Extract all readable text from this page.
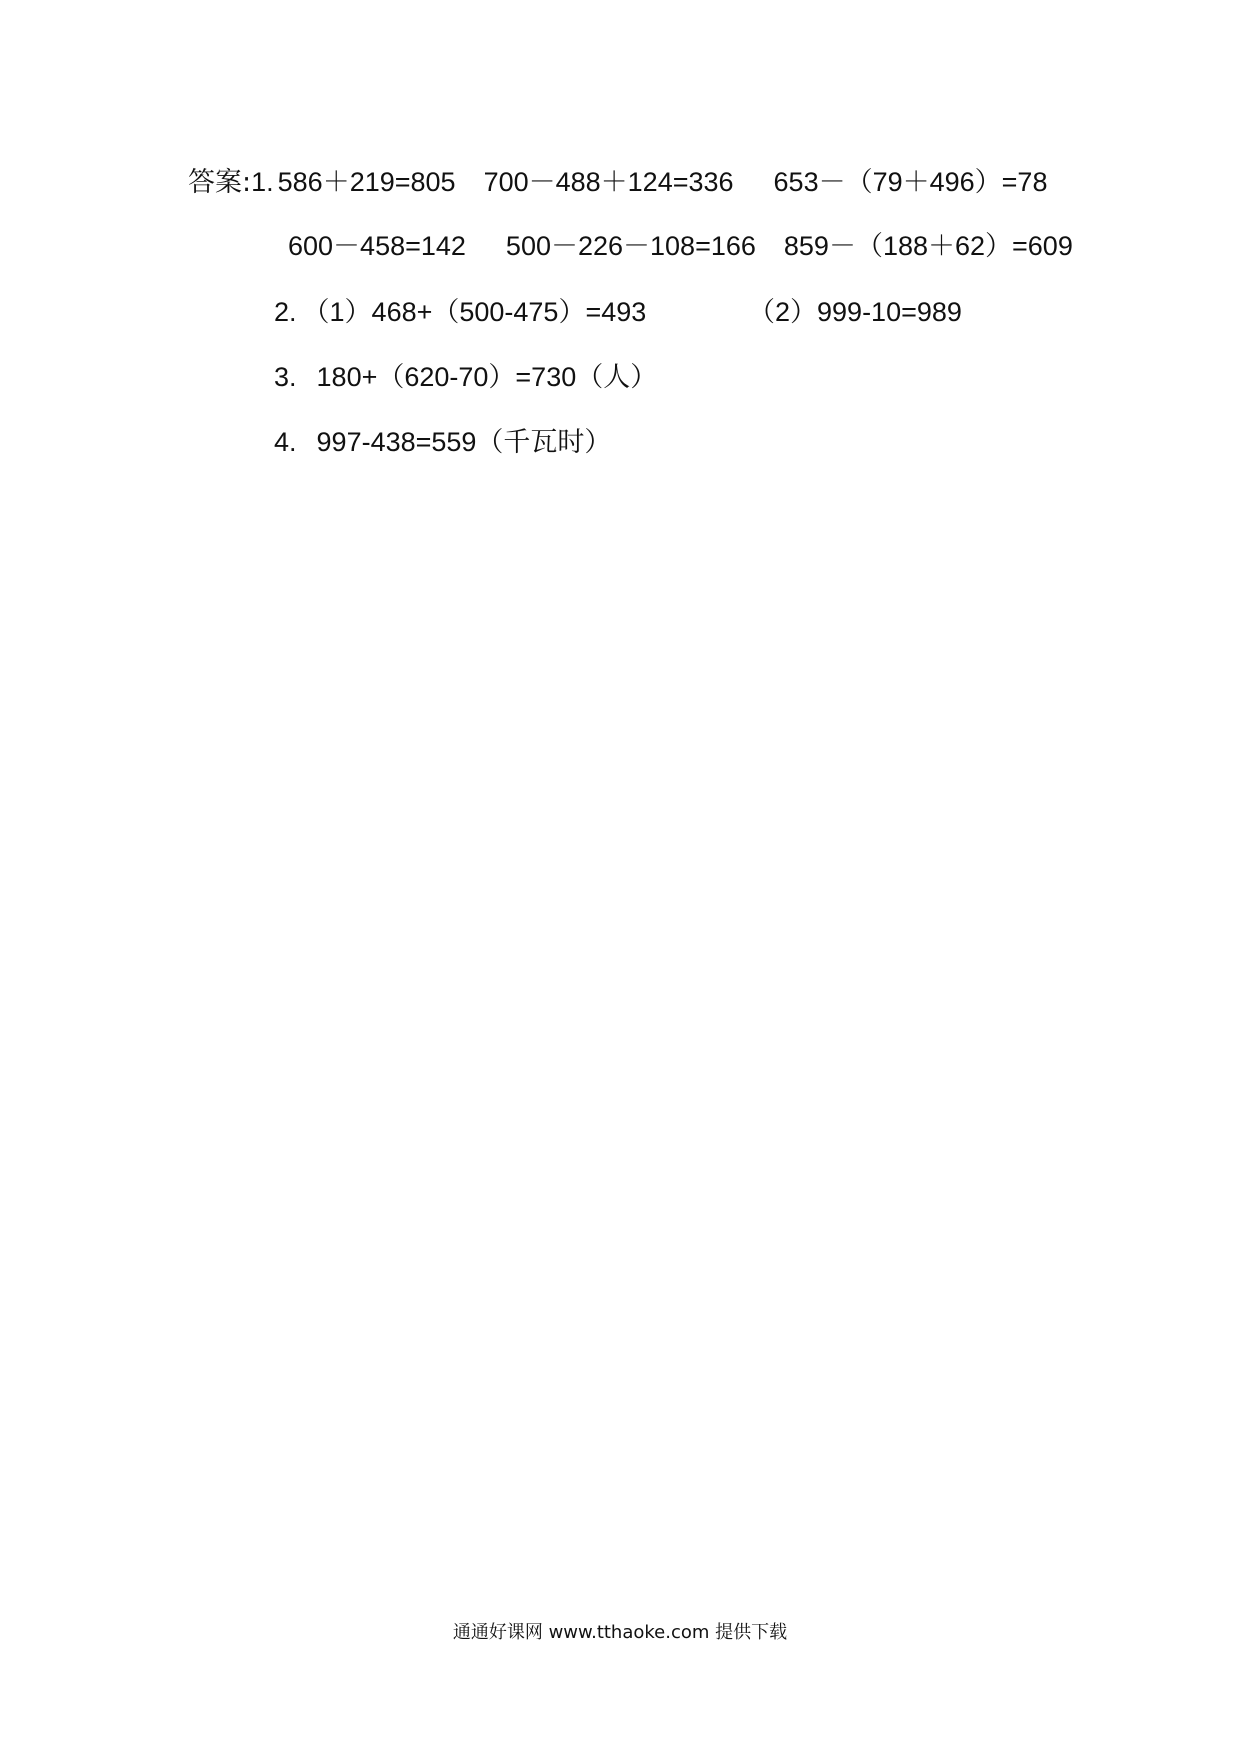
答案:1. 586＋219=805 700－488＋124=336 653－（79＋496）=78
600－458=142 500－226－108=166 859－（188＋62）=609
2. （1）468+（500-475）=493	（2）999-10=989
3. 180+（620-70）=730（人）
4. 997-438=559（千瓦时）
通通好课网 www.tthaoke.com 提供下载
